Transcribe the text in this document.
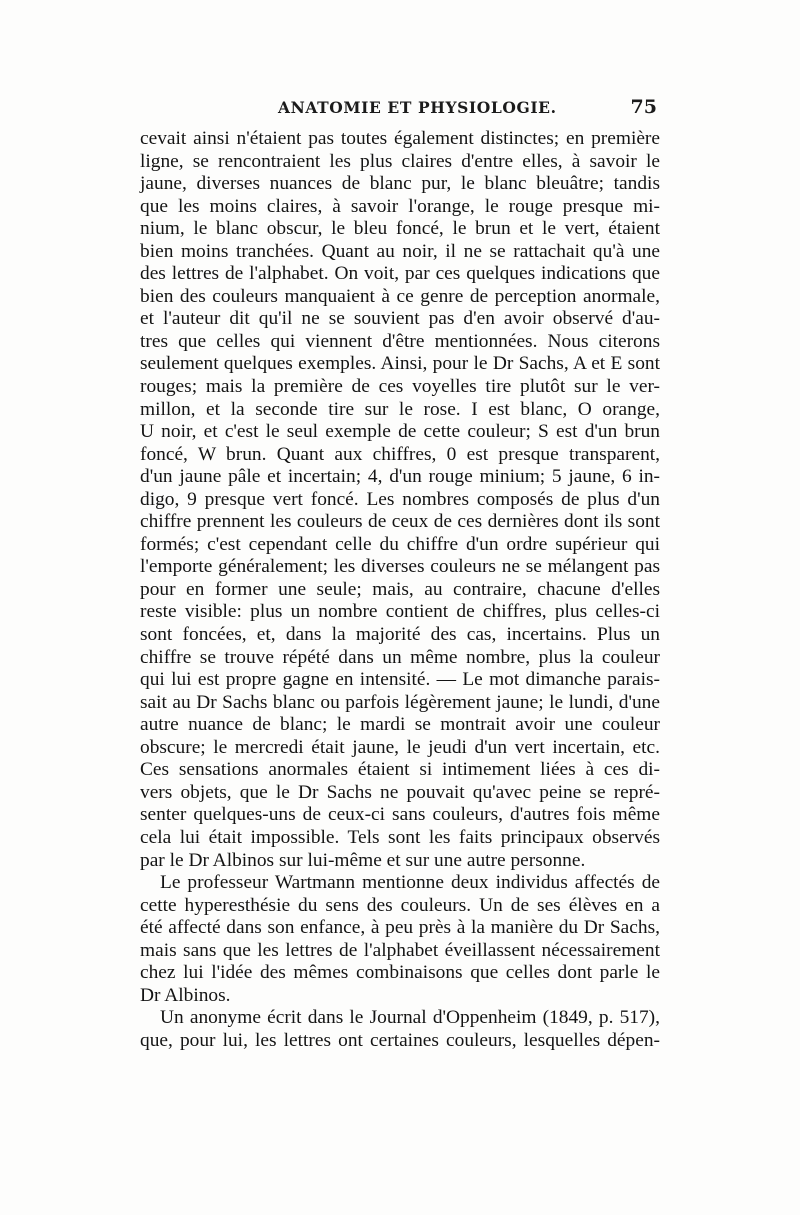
ANATOMIE ET PHYSIOLOGIE.	75
cevait ainsi n'étaient pas toutes également distinctes; en première
ligne, se rencontraient les plus claires d'entre elles, à savoir le
jaune, diverses nuances de blanc pur, le blanc bleuâtre; tandis
que les moins claires, à savoir l'orange, le rouge presque mi-
nium, le blanc obscur, le bleu foncé, le brun et le vert, étaient
bien moins tranchées. Quant au noir, il ne se rattachait qu'à une
des lettres de l'alphabet. On voit, par ces quelques indications que
bien des couleurs manquaient à ce genre de perception anormale,
et l'auteur dit qu'il ne se souvient pas d'en avoir observé d'au-
tres que celles qui viennent d'être mentionnées. Nous citerons
seulement quelques exemples. Ainsi, pour le Dr Sachs, A et E sont
rouges; mais la première de ces voyelles tire plutôt sur le ver-
millon, et la seconde tire sur le rose. I est blanc, O orange,
U noir, et c'est le seul exemple de cette couleur; S est d'un brun
foncé, W brun. Quant aux chiffres, 0 est presque transparent,
d'un jaune pâle et incertain; 4, d'un rouge minium; 5 jaune, 6 in-
digo, 9 presque vert foncé. Les nombres composés de plus d'un
chiffre prennent les couleurs de ceux de ces dernières dont ils sont
formés; c'est cependant celle du chiffre d'un ordre supérieur qui
l'emporte généralement; les diverses couleurs ne se mélangent pas
pour en former une seule; mais, au contraire, chacune d'elles
reste visible: plus un nombre contient de chiffres, plus celles-ci
sont foncées, et, dans la majorité des cas, incertains. Plus un
chiffre se trouve répété dans un même nombre, plus la couleur
qui lui est propre gagne en intensité. — Le mot dimanche parais-
sait au Dr Sachs blanc ou parfois légèrement jaune; le lundi, d'une
autre nuance de blanc; le mardi se montrait avoir une couleur
obscure; le mercredi était jaune, le jeudi d'un vert incertain, etc.
Ces sensations anormales étaient si intimement liées à ces di-
vers objets, que le Dr Sachs ne pouvait qu'avec peine se repré-
senter quelques-uns de ceux-ci sans couleurs, d'autres fois même
cela lui était impossible. Tels sont les faits principaux observés
par le Dr Albinos sur lui-même et sur une autre personne.
Le professeur Wartmann mentionne deux individus affectés de
cette hyperesthésie du sens des couleurs. Un de ses élèves en a
été affecté dans son enfance, à peu près à la manière du Dr Sachs,
mais sans que les lettres de l'alphabet éveillassent nécessairement
chez lui l'idée des mêmes combinaisons que celles dont parle le
Dr Albinos.
Un anonyme écrit dans le Journal d'Oppenheim (1849, p. 517),
que, pour lui, les lettres ont certaines couleurs, lesquelles dépen-
